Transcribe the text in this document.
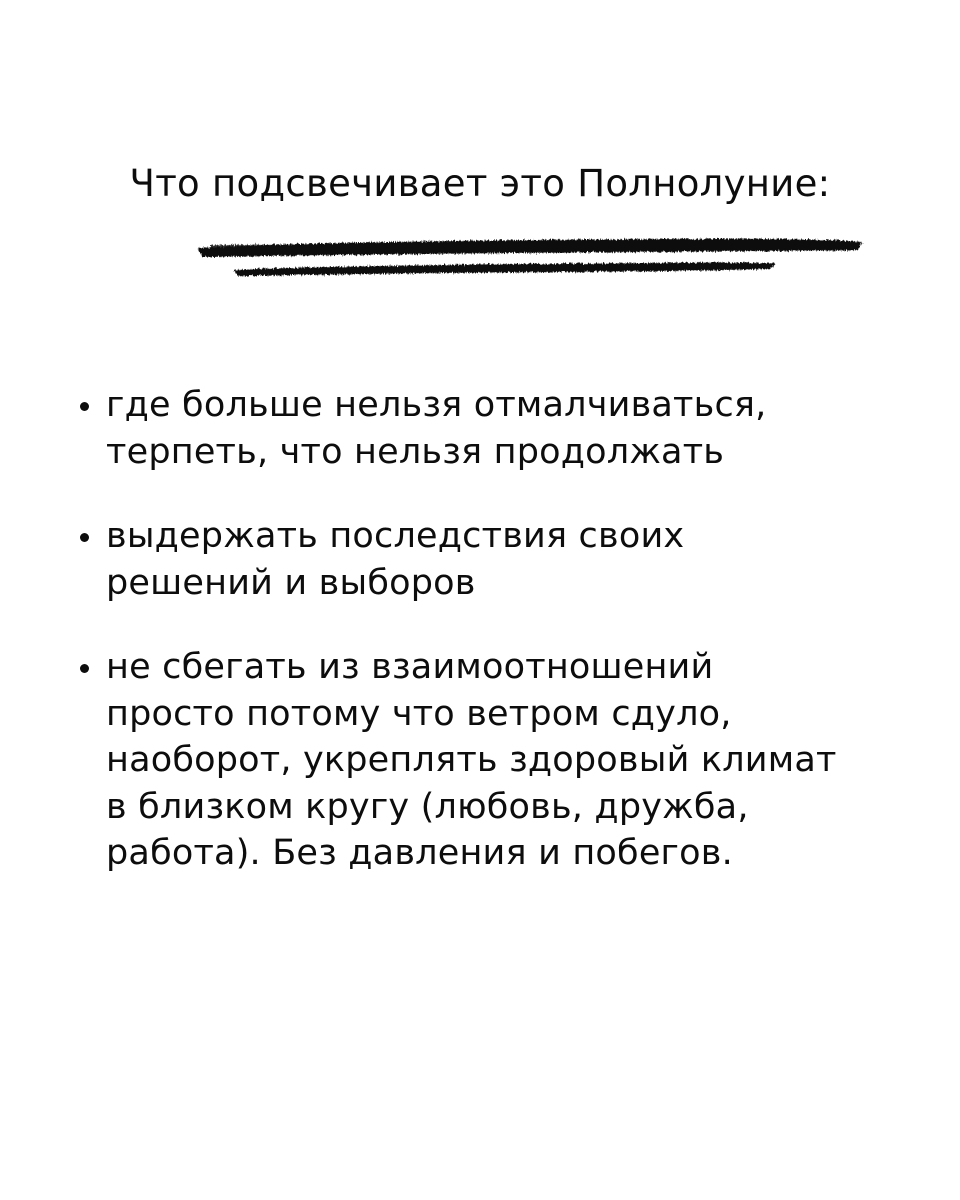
Что подсвечивает это Полнолуние:
где больше нельзя отмалчиваться,
терпеть, что нельзя продолжать
выдержать последствия своих
решений и выборов
не сбегать из взаимоотношений
просто потому что ветром сдуло,
наоборот, укреплять здоровый климат
в близком кругу (любовь, дружба,
работа). Без давления и побегов.
